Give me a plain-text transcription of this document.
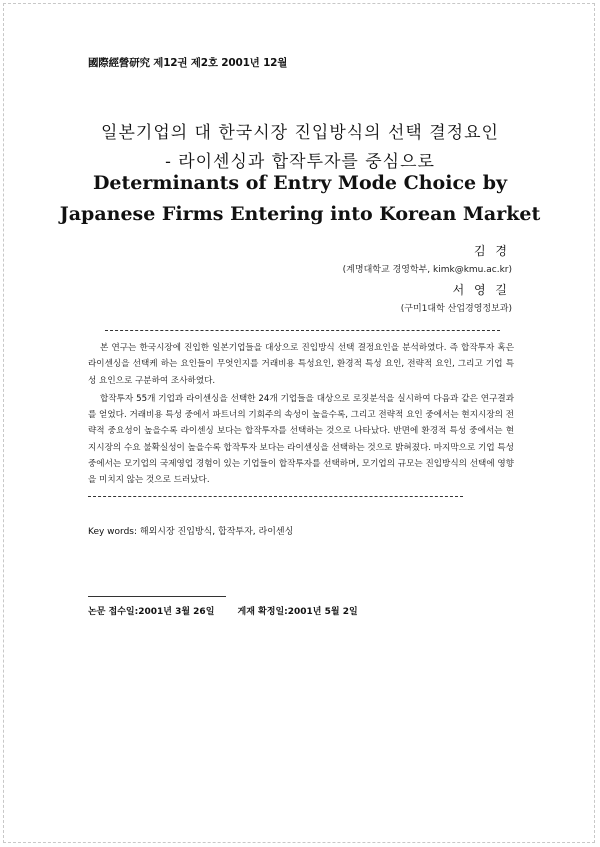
國際經營研究 제12권 제2호 2001년 12월
일본기업의 대 한국시장 진입방식의 선택 결정요인
- 라이센싱과 합작투자를 중심으로
Determinants of Entry Mode Choice by
Japanese Firms Entering into Korean Market
김 경
(계명대학교 경영학부, kimk@kmu.ac.kr)
서 영 길
(구미1대학 산업경영정보과)

본 연구는 한국시장에 진입한 일본기업들을 대상으로 진입방식 선택 결정요인을 분석하였다. 즉 합작투자 혹은 라이센싱을 선택케 하는 요인들이 무엇인지를 거래비용 특성요인, 환경적 특성 요인, 전략적 요인, 그리고 기업 특성 요인으로 구분하여 조사하였다.

합작투자 55개 기업과 라이센싱을 선택한 24개 기업들을 대상으로 로짓분석을 실시하여 다음과 같은 연구결과를 얻었다. 거래비용 특성 중에서 파트너의 기회주의 속성이 높을수록, 그리고 전략적 요인 중에서는 현지시장의 전략적 중요성이 높을수록 라이센싱 보다는 합작투자를 선택하는 것으로 나타났다. 반면에 환경적 특성 중에서는 현지시장의 수요 불확실성이 높을수록 합작투자 보다는 라이센싱을 선택하는 것으로 밝혀졌다. 마지막으로 기업 특성 중에서는 모기업의 국제영업 경험이 있는 기업들이 합작투자를 선택하며, 모기업의 규모는 진입방식의 선택에 영향을 미치지 않는 것으로 드러났다.

Key words: 해외시장 진입방식, 합작투자, 라이센싱
논문 접수일:2001년 3월 26일	게재 확정일:2001년 5월 2일
